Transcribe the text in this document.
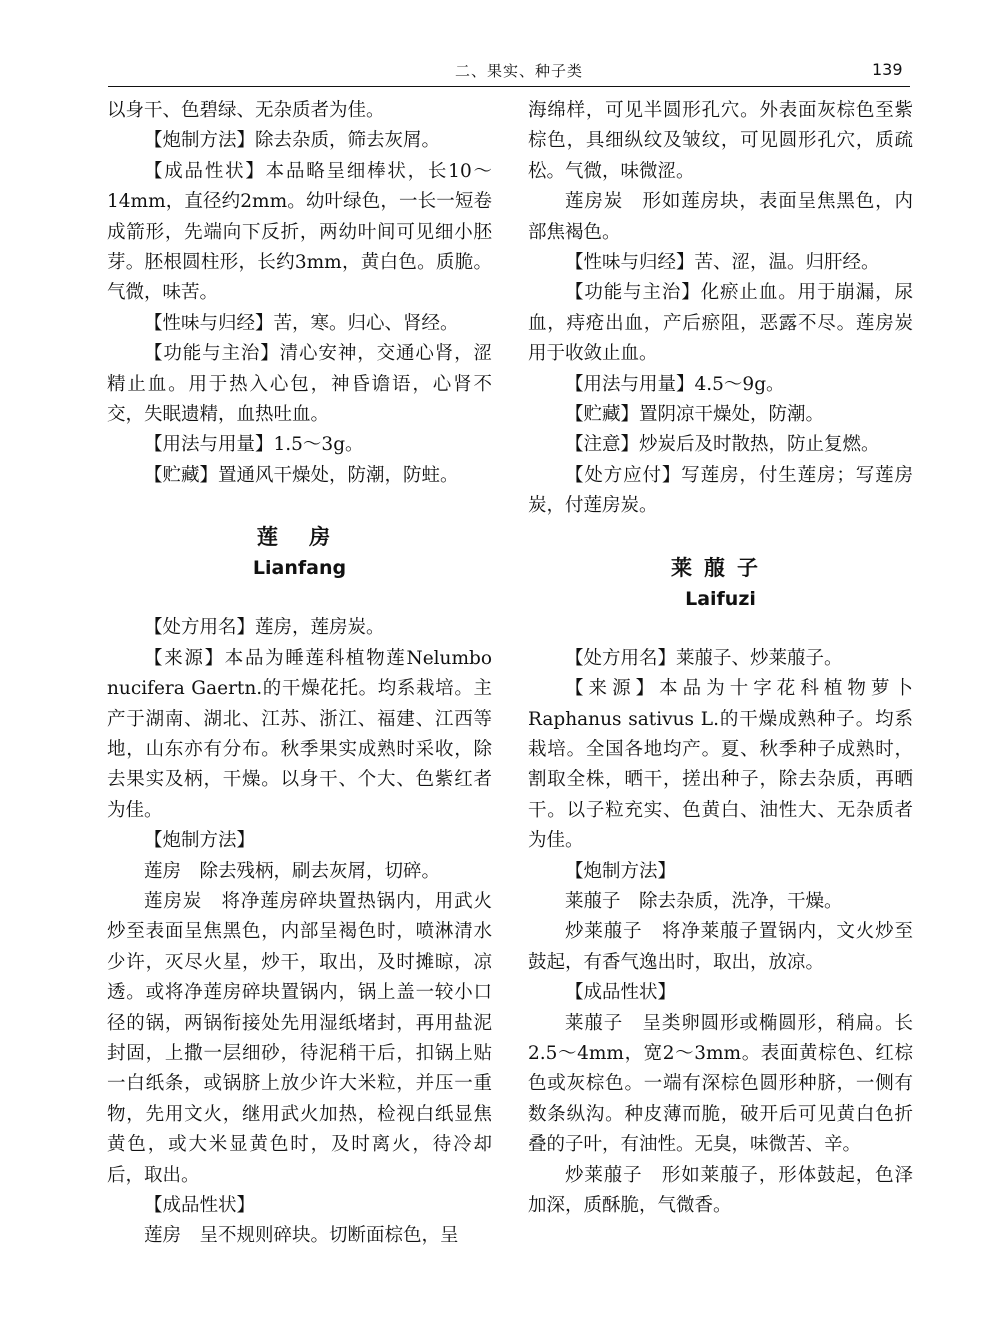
二、果实、种子类	139

以身干、色碧绿、无杂质者为佳。

【炮制方法】除去杂质，筛去灰屑。

【成品性状】本品略呈细棒状，长10～14mm，直径约2mm。幼叶绿色，一长一短卷成箭形，先端向下反折，两幼叶间可见细小胚芽。胚根圆柱形，长约3mm，黄白色。质脆。气微，味苦。

【性味与归经】苦，寒。归心、肾经。

【功能与主治】清心安神，交通心肾，涩精止血。用于热入心包，神昏谵语，心肾不交，失眠遗精，血热吐血。

【用法与用量】1.5～3g。

【贮藏】置通风干燥处，防潮，防蛀。

莲 房
Lianfang

【处方用名】莲房，莲房炭。

【来源】本品为睡莲科植物莲Nelumbo nucifera Gaertn.的干燥花托。均系栽培。主产于湖南、湖北、江苏、浙江、福建、江西等地，山东亦有分布。秋季果实成熟时采收，除去果实及柄，干燥。以身干、个大、色紫红者为佳。

【炮制方法】

莲房　除去残柄，刷去灰屑，切碎。

莲房炭　将净莲房碎块置热锅内，用武火炒至表面呈焦黑色，内部呈褐色时，喷淋清水少许，灭尽火星，炒干，取出，及时摊晾，凉透。或将净莲房碎块置锅内，锅上盖一较小口径的锅，两锅衔接处先用湿纸堵封，再用盐泥封固，上撒一层细砂，待泥稍干后，扣锅上贴一白纸条，或锅脐上放少许大米粒，并压一重物，先用文火，继用武火加热，检视白纸显焦黄色，或大米显黄色时，及时离火，待冷却后，取出。

【成品性状】

莲房　呈不规则碎块。切断面棕色，呈

海绵样，可见半圆形孔穴。外表面灰棕色至紫棕色，具细纵纹及皱纹，可见圆形孔穴，质疏松。气微，味微涩。

莲房炭　形如莲房块，表面呈焦黑色，内部焦褐色。

【性味与归经】苦、涩，温。归肝经。

【功能与主治】化瘀止血。用于崩漏，尿血，痔疮出血，产后瘀阻，恶露不尽。莲房炭用于收敛止血。

【用法与用量】4.5～9g。

【贮藏】置阴凉干燥处，防潮。

【注意】炒炭后及时散热，防止复燃。

【处方应付】写莲房，付生莲房；写莲房炭，付莲房炭。

莱菔子
Laifuzi

【处方用名】莱菔子、炒莱菔子。

【来源】本品为十字花科植物萝卜Raphanus sativus L.的干燥成熟种子。均系栽培。全国各地均产。夏、秋季种子成熟时，割取全株，晒干，搓出种子，除去杂质，再晒干。以子粒充实、色黄白、油性大、无杂质者为佳。

【炮制方法】

莱菔子　除去杂质，洗净，干燥。

炒莱菔子　将净莱菔子置锅内，文火炒至鼓起，有香气逸出时，取出，放凉。

【成品性状】

莱菔子　呈类卵圆形或椭圆形，稍扁。长2.5～4mm，宽2～3mm。表面黄棕色、红棕色或灰棕色。一端有深棕色圆形种脐，一侧有数条纵沟。种皮薄而脆，破开后可见黄白色折叠的子叶，有油性。无臭，味微苦、辛。

炒莱菔子　形如莱菔子，形体鼓起，色泽加深，质酥脆，气微香。
